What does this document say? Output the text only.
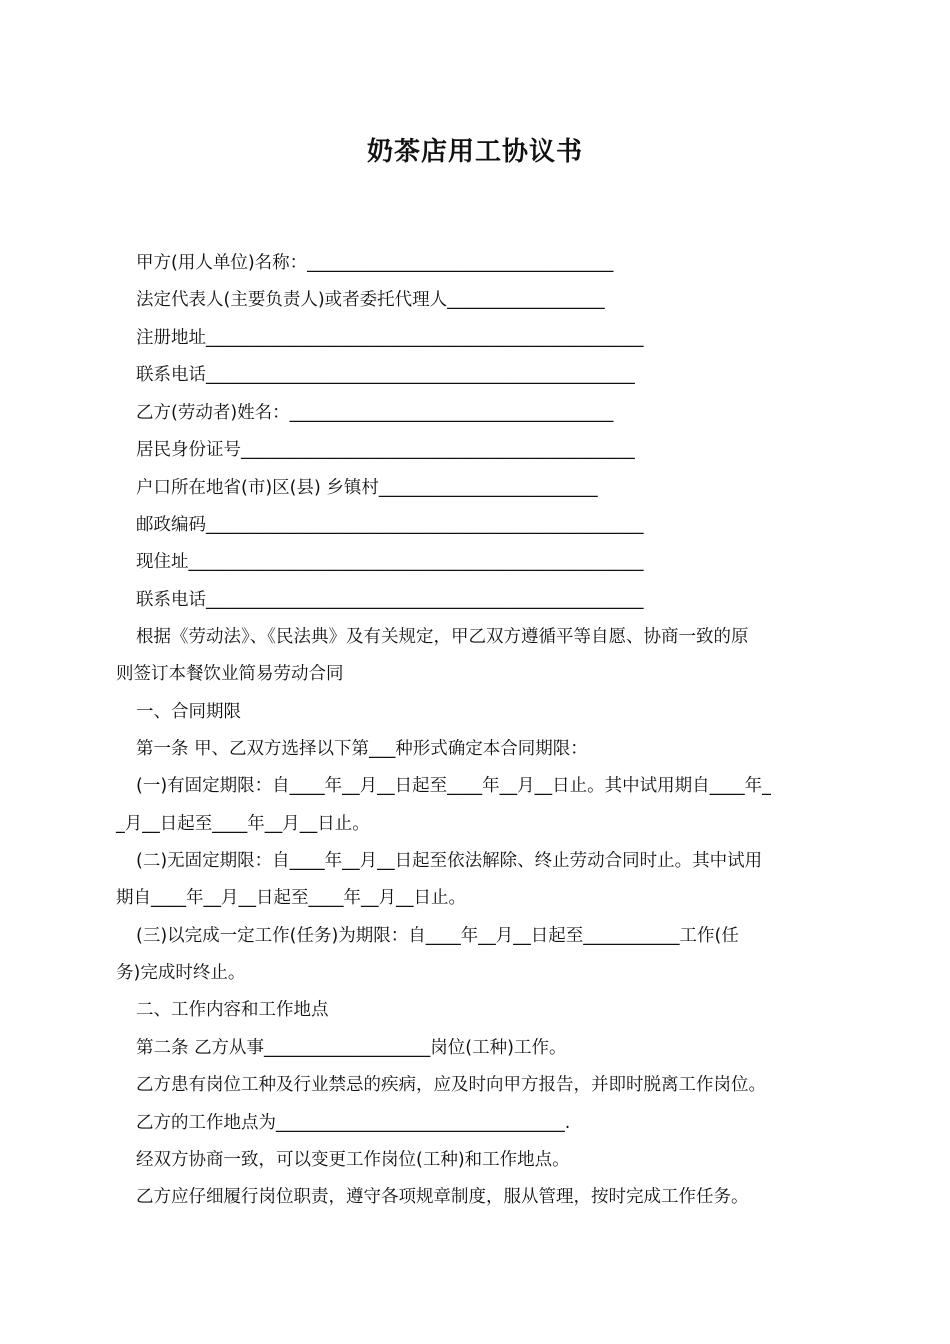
奶茶店用工协议书
甲方(用人单位)名称：___________________________________
法定代表人(主要负责人)或者委托代理人__________________
注册地址__________________________________________________
联系电话_________________________________________________
乙方(劳动者)姓名：_____________________________________
居民身份证号_____________________________________________
户口所在地省(市)区(县) 乡镇村_________________________
邮政编码__________________________________________________
现住址____________________________________________________
联系电话__________________________________________________
根据《劳动法》、《民法典》及有关规定，甲乙双方遵循平等自愿、协商一致的原
则签订本餐饮业简易劳动合同
一、合同期限
第一条 甲、乙双方选择以下第___种形式确定本合同期限：
(一)有固定期限：自____年__月__日起至____年__月__日止。其中试用期自____年_
_月__日起至____年__月__日止。
(二)无固定期限：自____年__月__日起至依法解除、终止劳动合同时止。其中试用
期自____年__月__日起至____年__月__日止。
(三)以完成一定工作(任务)为期限：自____年__月__日起至___________工作(任
务)完成时终止。
二、工作内容和工作地点
第二条 乙方从事___________________岗位(工种)工作。
乙方患有岗位工种及行业禁忌的疾病，应及时向甲方报告，并即时脱离工作岗位。
乙方的工作地点为_________________________________.
经双方协商一致，可以变更工作岗位(工种)和工作地点。
乙方应仔细履行岗位职责，遵守各项规章制度，服从管理，按时完成工作任务。
